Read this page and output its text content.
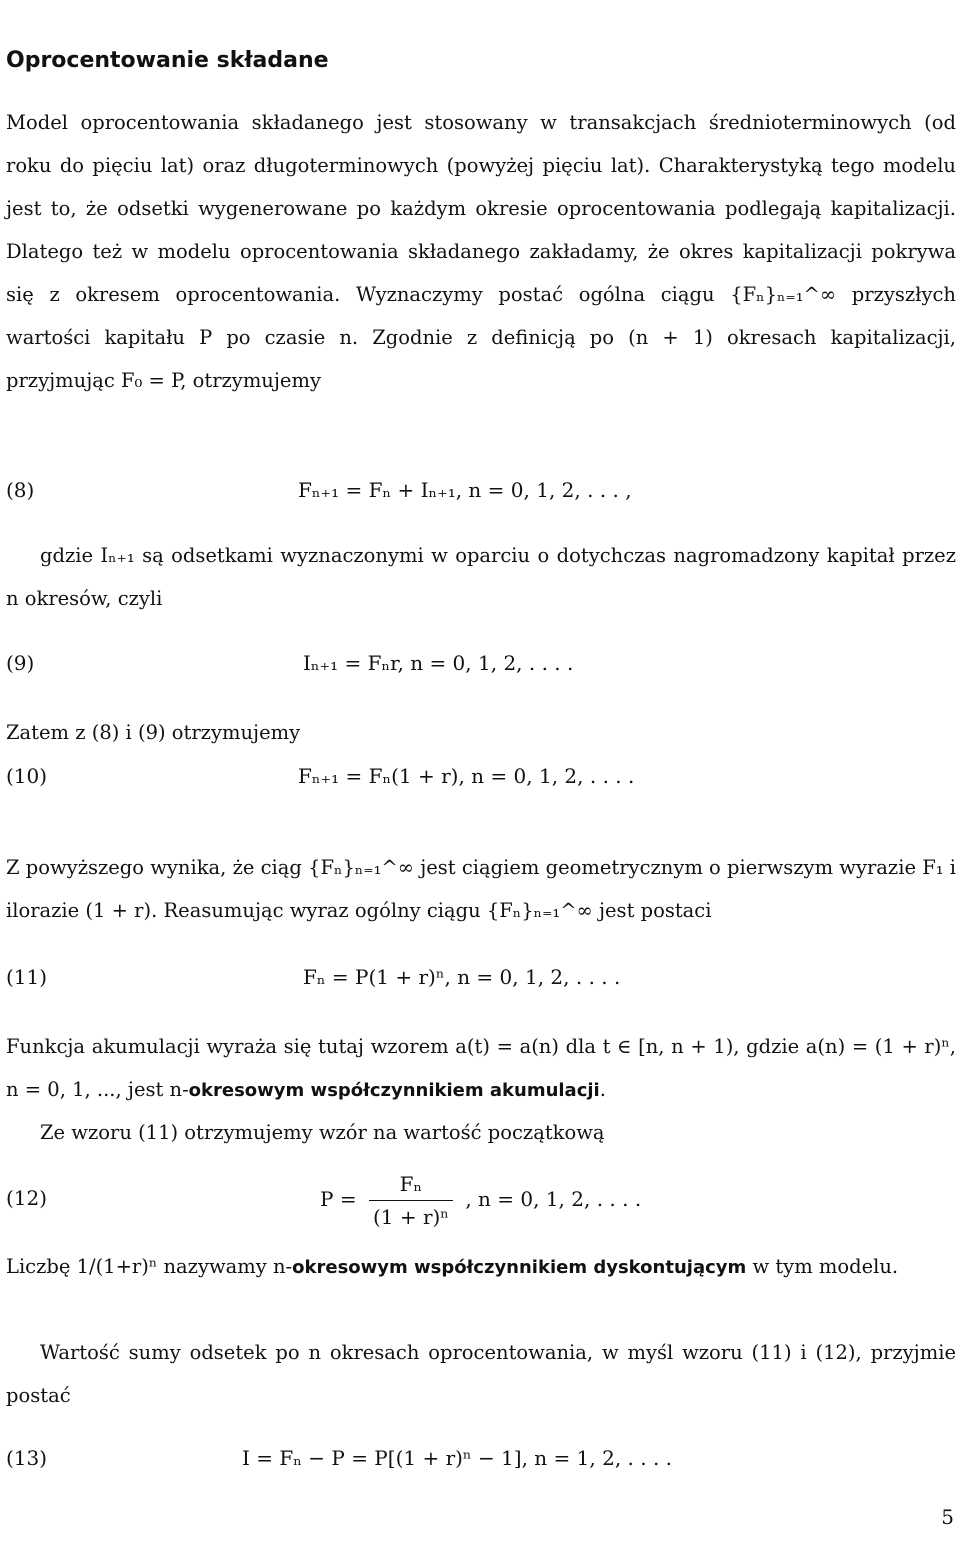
Oprocentowanie składane

Model oprocentowania składanego jest stosowany w transakcjach średnioterminowych (od roku do pięciu lat) oraz długoterminowych (powyżej pięciu lat). Charakterystyką tego modelu jest to, że odsetki wygenerowane po każdym okresie oprocentowania podlegają kapitalizacji. Dlatego też w modelu oprocentowania składanego zakładamy, że okres kapitalizacji pokrywa się z okresem oprocentowania. Wyznaczymy postać ogólna ciągu {Fₙ}ₙ₌₁^∞ przyszłych wartości kapitału P po czasie n. Zgodnie z definicją po (n + 1) okresach kapitalizacji, przyjmując F₀ = P, otrzymujemy

(8)	Fₙ₊₁ = Fₙ + Iₙ₊₁, n = 0, 1, 2, . . . ,

gdzie Iₙ₊₁ są odsetkami wyznaczonymi w oparciu o dotychczas nagromadzony kapitał przez n okresów, czyli

(9)	Iₙ₊₁ = Fₙr, n = 0, 1, 2, . . . .

Zatem z (8) i (9) otrzymujemy

(10)	Fₙ₊₁ = Fₙ(1 + r), n = 0, 1, 2, . . . .

Z powyższego wynika, że ciąg {Fₙ}ₙ₌₁^∞ jest ciągiem geometrycznym o pierwszym wyrazie F₁ i ilorazie (1 + r). Reasumując wyraz ogólny ciągu {Fₙ}ₙ₌₁^∞ jest postaci

(11)	Fₙ = P(1 + r)ⁿ, n = 0, 1, 2, . . . .

Funkcja akumulacji wyraża się tutaj wzorem a(t) = a(n) dla t ∈ [n, n + 1), gdzie a(n) = (1 + r)ⁿ, n = 0, 1, ..., jest n-okresowym współczynnikiem akumulacji.

Ze wzoru (11) otrzymujemy wzór na wartość początkową

(12)	$P = \frac{\text{Fₙ}}{\text{(1 + r)ⁿ}}$ , n = 0, 1, 2, . . . .

Liczbę 1/(1+r)ⁿ nazywamy n-okresowym współczynnikiem dyskontującym w tym modelu.

Wartość sumy odsetek po n okresach oprocentowania, w myśl wzoru (11) i (12), przyjmie postać

(13)	I = Fₙ − P = P[(1 + r)ⁿ − 1], n = 1, 2, . . . .
5
